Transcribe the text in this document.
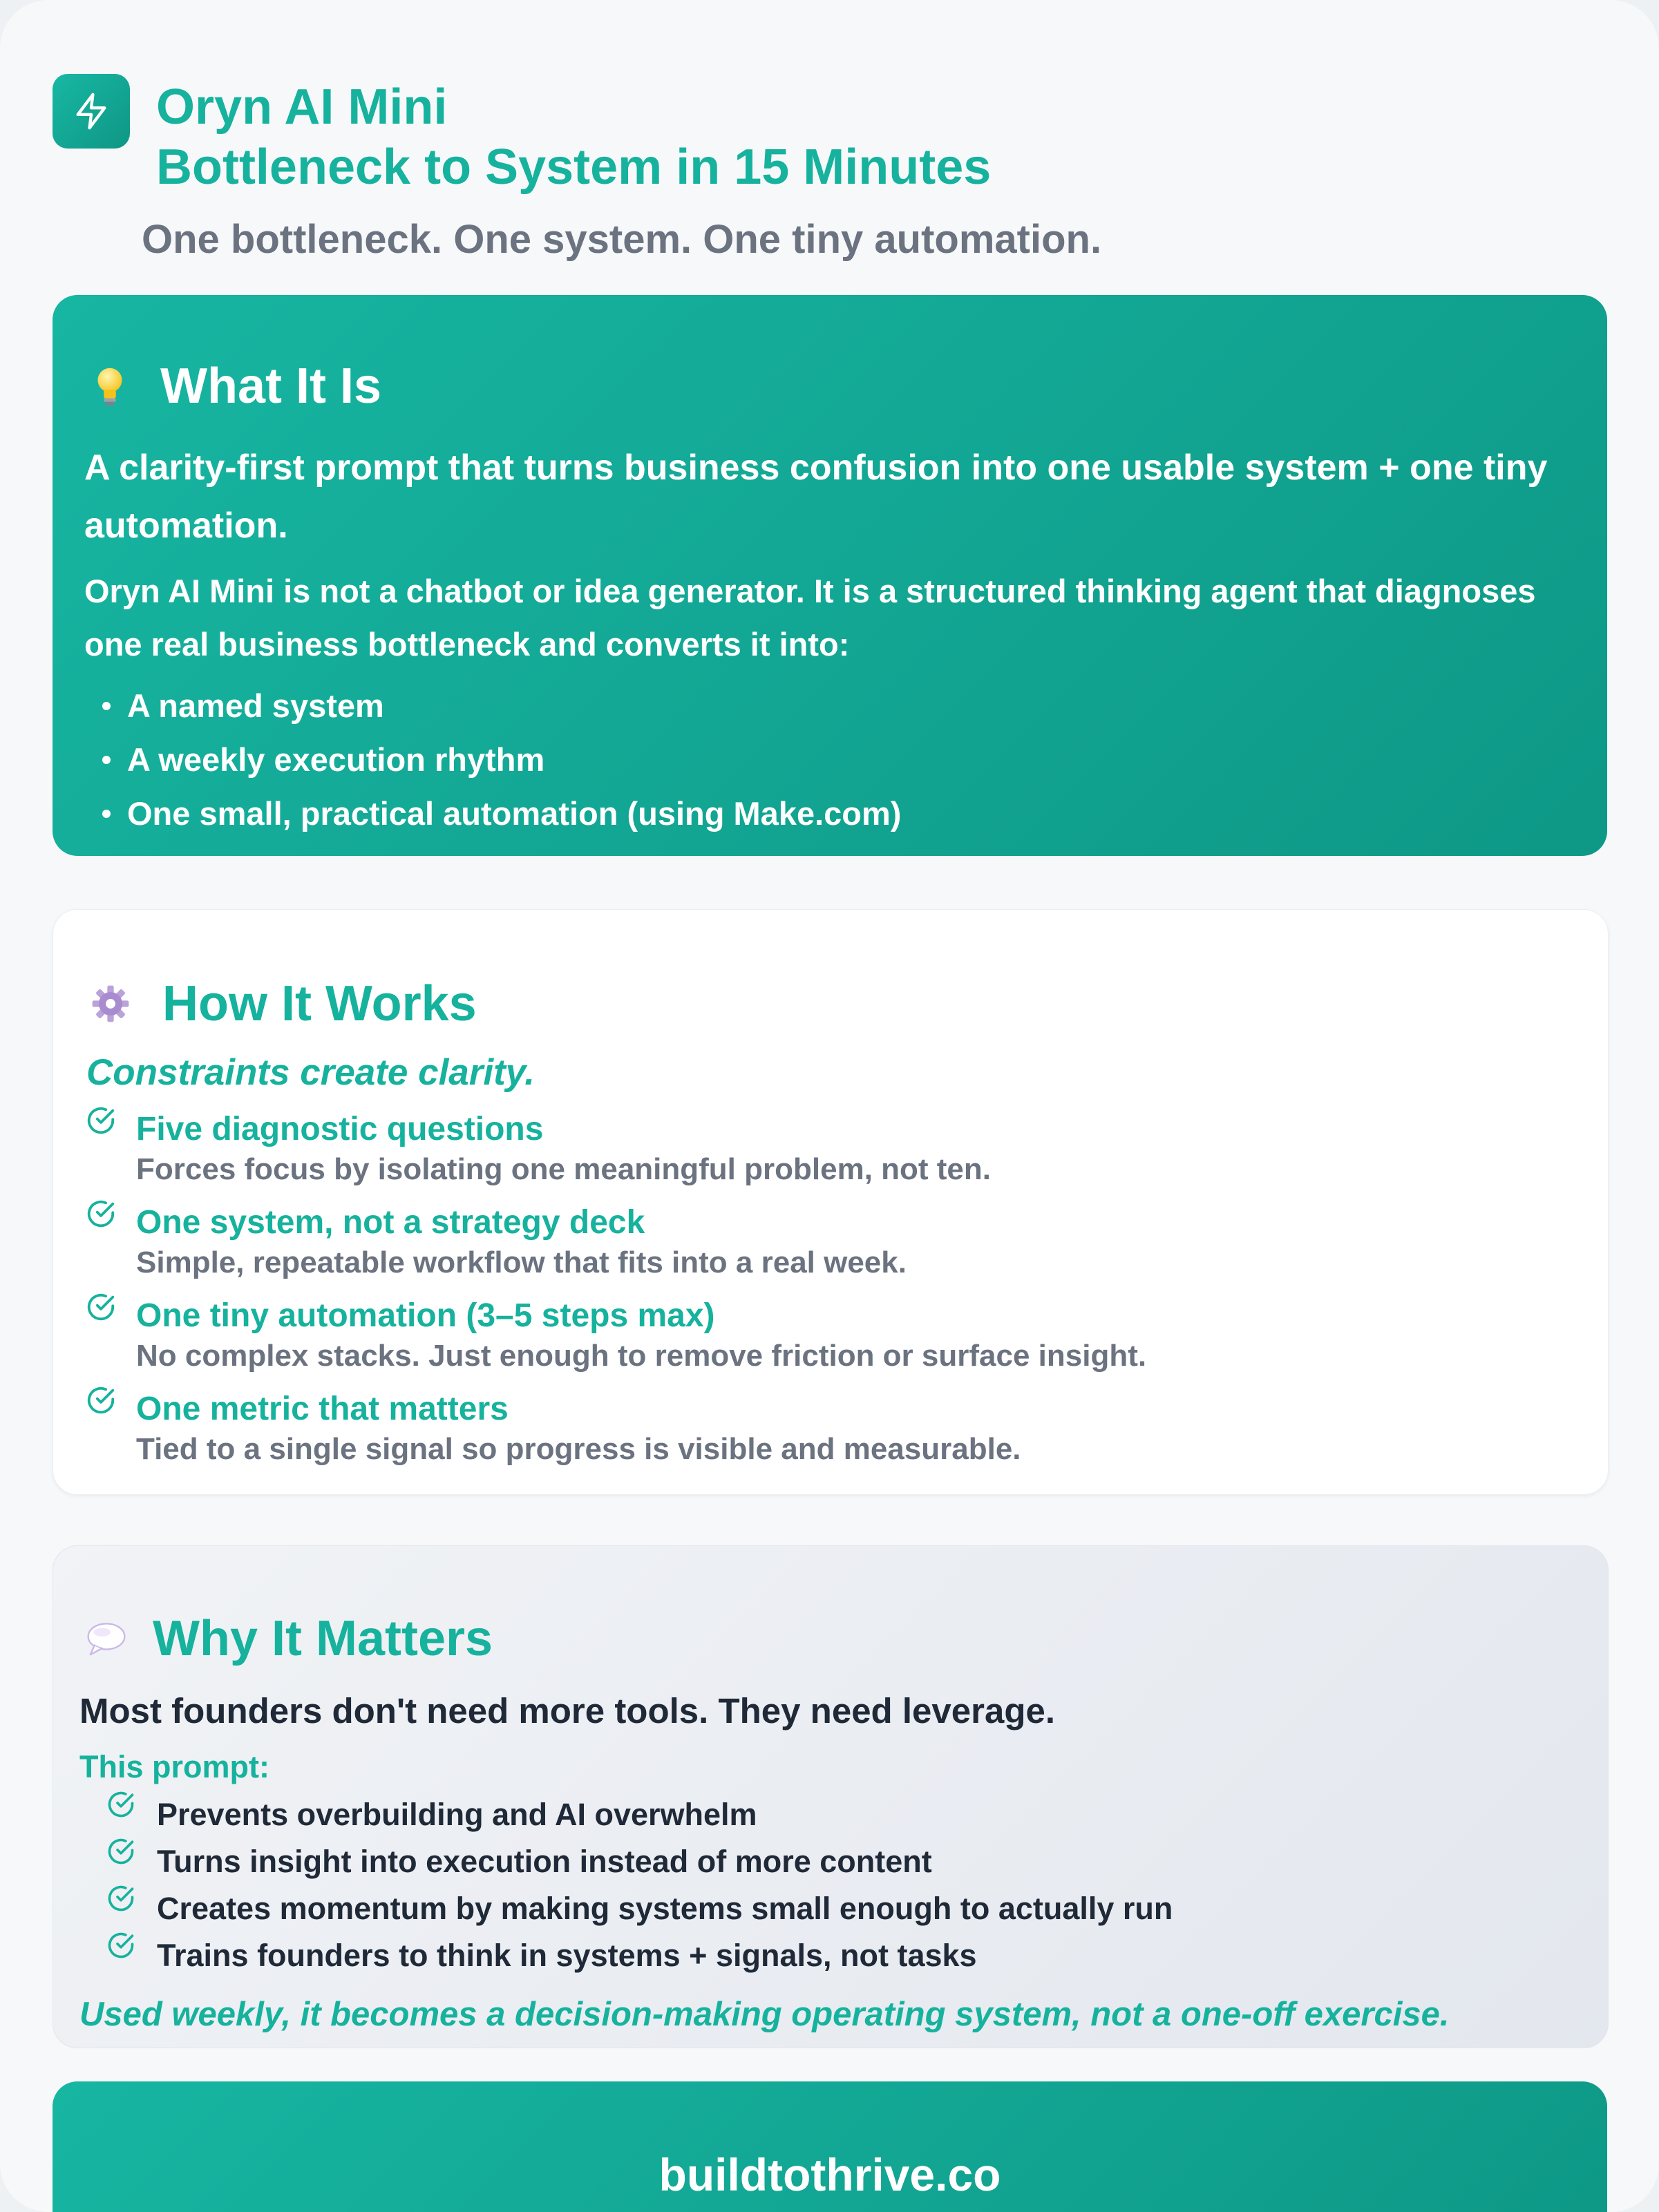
Oryn AI Mini
Bottleneck to System in 15 Minutes
One bottleneck. One system. One tiny automation.
What It Is
A clarity-first prompt that turns business confusion into one usable system + one tiny automation.
Oryn AI Mini is not a chatbot or idea generator. It is a structured thinking agent that diagnoses one real business bottleneck and converts it into:
A named system
A weekly execution rhythm
One small, practical automation (using Make.com)
How It Works
Constraints create clarity.
Five diagnostic questions
Forces focus by isolating one meaningful problem, not ten.
One system, not a strategy deck
Simple, repeatable workflow that fits into a real week.
One tiny automation (3–5 steps max)
No complex stacks. Just enough to remove friction or surface insight.
One metric that matters
Tied to a single signal so progress is visible and measurable.
Why It Matters
Most founders don't need more tools. They need leverage.
This prompt:
Prevents overbuilding and AI overwhelm
Turns insight into execution instead of more content
Creates momentum by making systems small enough to actually run
Trains founders to think in systems + signals, not tasks
Used weekly, it becomes a decision-making operating system, not a one-off exercise.
buildtothrive.co
